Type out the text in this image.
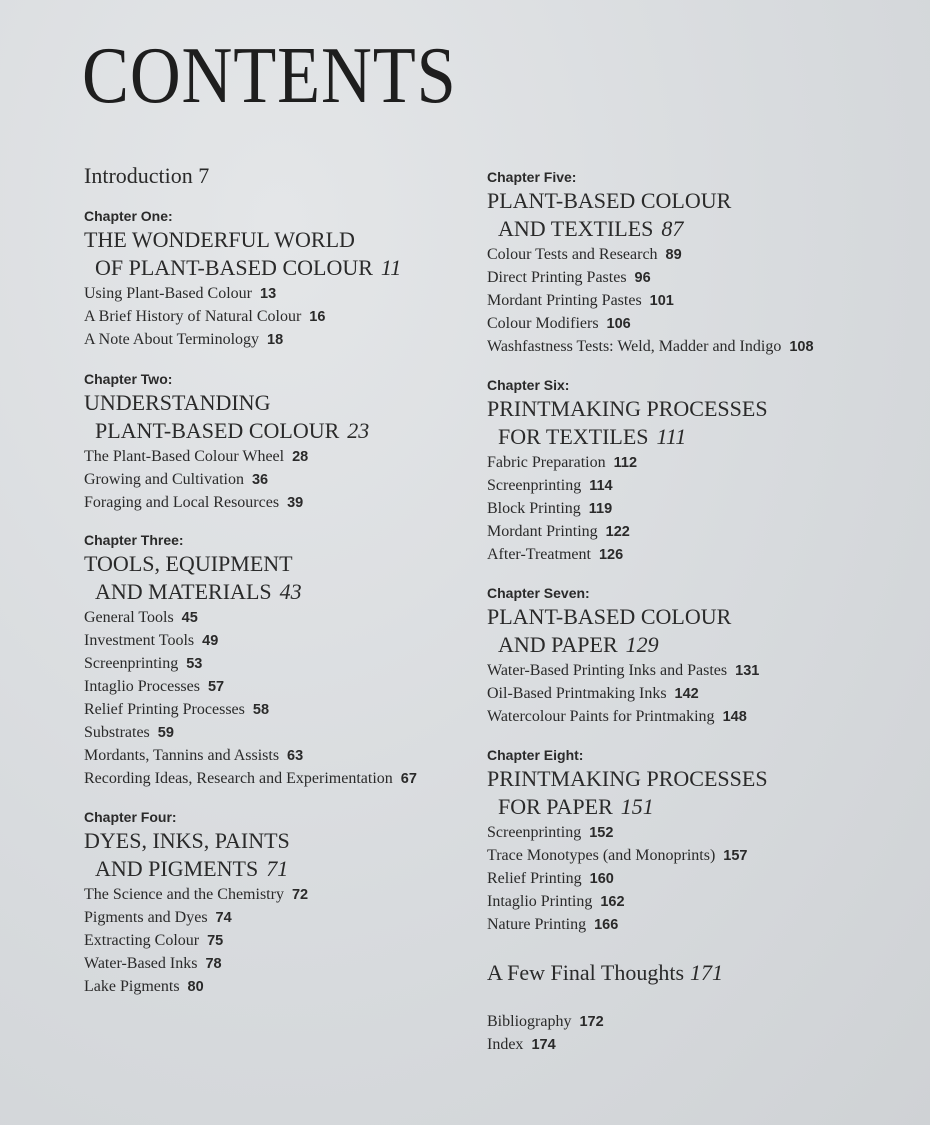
CONTENTS
Introduction 7
Chapter One:
THE WONDERFUL WORLD
OF PLANT-BASED COLOUR 11
Using Plant-Based Colour 13
A Brief History of Natural Colour 16
A Note About Terminology 18
Chapter Two:
UNDERSTANDING
PLANT-BASED COLOUR 23
The Plant-Based Colour Wheel 28
Growing and Cultivation 36
Foraging and Local Resources 39
Chapter Three:
TOOLS, EQUIPMENT
AND MATERIALS 43
General Tools 45
Investment Tools 49
Screenprinting 53
Intaglio Processes 57
Relief Printing Processes 58
Substrates 59
Mordants, Tannins and Assists 63
Recording Ideas, Research and Experimentation 67
Chapter Four:
DYES, INKS, PAINTS
AND PIGMENTS 71
The Science and the Chemistry 72
Pigments and Dyes 74
Extracting Colour 75
Water-Based Inks 78
Lake Pigments 80
Chapter Five:
PLANT-BASED COLOUR
AND TEXTILES 87
Colour Tests and Research 89
Direct Printing Pastes 96
Mordant Printing Pastes 101
Colour Modifiers 106
Washfastness Tests: Weld, Madder and Indigo 108
Chapter Six:
PRINTMAKING PROCESSES
FOR TEXTILES 111
Fabric Preparation 112
Screenprinting 114
Block Printing 119
Mordant Printing 122
After-Treatment 126
Chapter Seven:
PLANT-BASED COLOUR
AND PAPER 129
Water-Based Printing Inks and Pastes 131
Oil-Based Printmaking Inks 142
Watercolour Paints for Printmaking 148
Chapter Eight:
PRINTMAKING PROCESSES
FOR PAPER 151
Screenprinting 152
Trace Monotypes (and Monoprints) 157
Relief Printing 160
Intaglio Printing 162
Nature Printing 166
A Few Final Thoughts 171
Bibliography 172
Index 174
